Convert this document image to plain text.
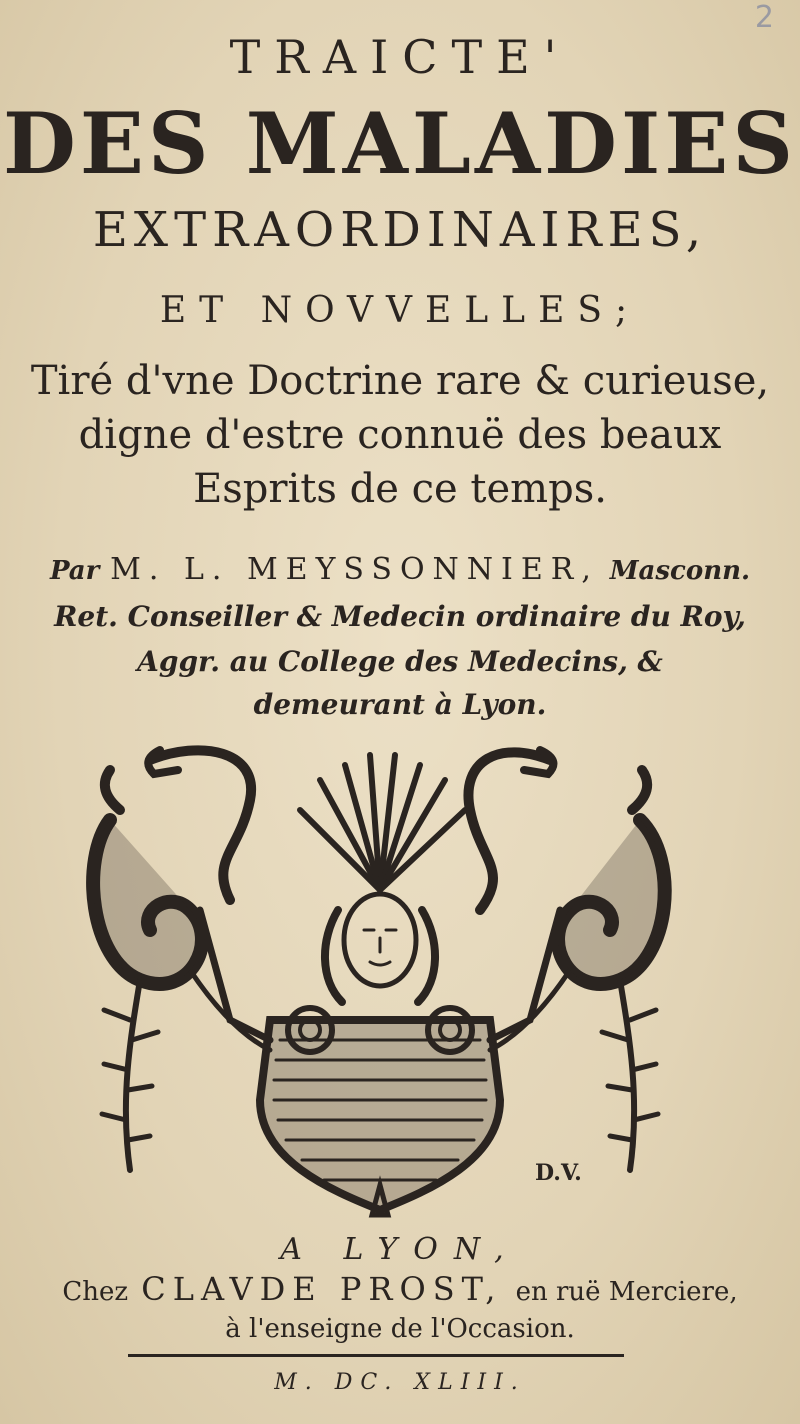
2
TRAICTE'
DES MALADIES
EXTRAORDINAIRES,
ET NOVVELLES;
Tiré d'vne Doctrine rare & curieuse,
digne d'estre connuë des beaux
Esprits de ce temps.
Par M. L. MEYSSONNIER, Masconn.
Ret. Conseiller & Medecin ordinaire du Roy,
Aggr. au College des Medecins, &
demeurant à Lyon.
D.V.
A LYON,
Chez CLAVDE PROST, en ruë Merciere,
à l'enseigne de l'Occasion.
M. DC. XLIII.
